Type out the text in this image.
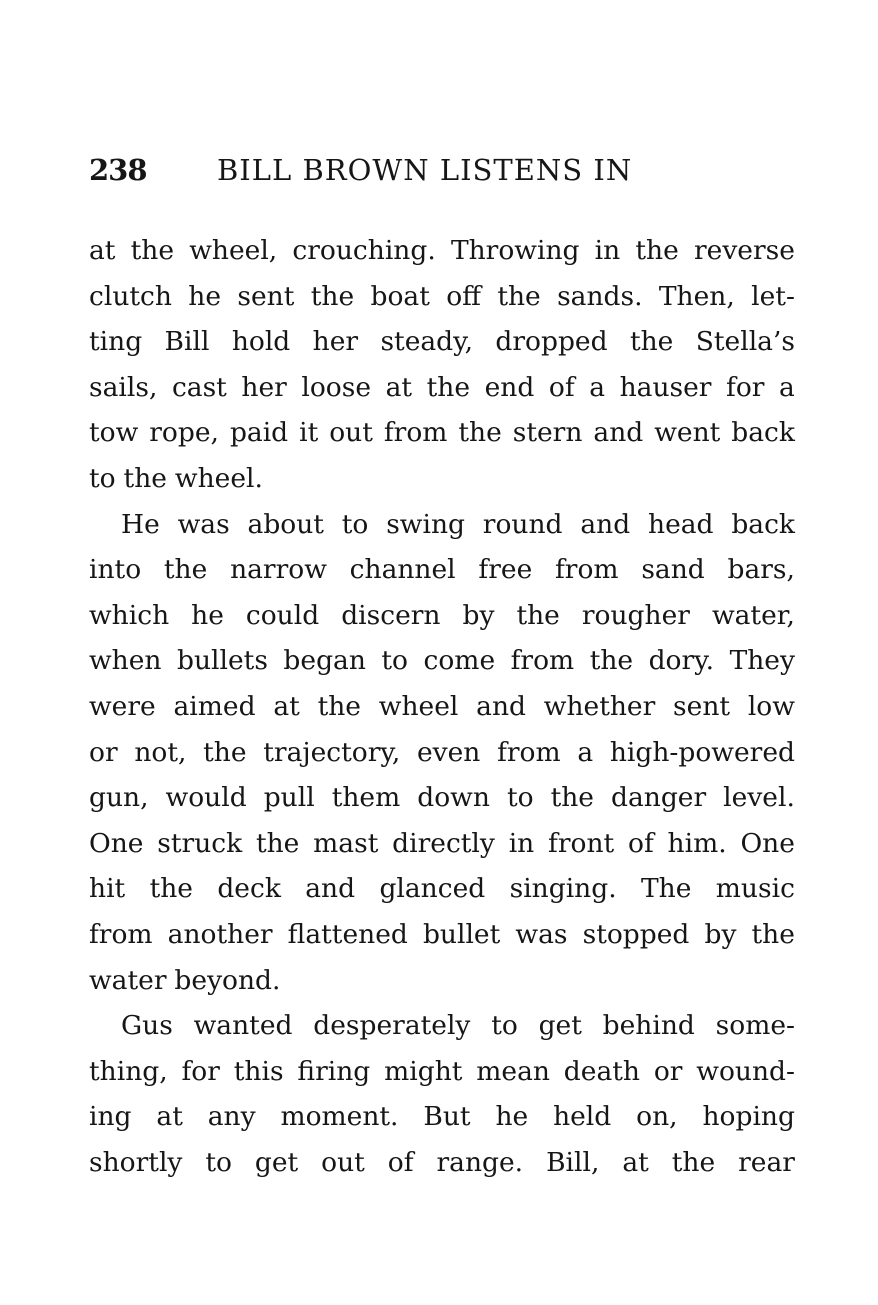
238 BILL BROWN LISTENS IN
at the wheel, crouching. Throwing in the reverse
clutch he sent the boat off the sands. Then, let-
ting Bill hold her steady, dropped the Stella’s
sails, cast her loose at the end of a hauser for a
tow rope, paid it out from the stern and went back
to the wheel.
He was about to swing round and head back
into the narrow channel free from sand bars,
which he could discern by the rougher water,
when bullets began to come from the dory. They
were aimed at the wheel and whether sent low
or not, the trajectory, even from a high-powered
gun, would pull them down to the danger level.
One struck the mast directly in front of him. One
hit the deck and glanced singing. The music
from another flattened bullet was stopped by the
water beyond.
Gus wanted desperately to get behind some-
thing, for this firing might mean death or wound-
ing at any moment. But he held on, hoping
shortly to get out of range. Bill, at the rear
